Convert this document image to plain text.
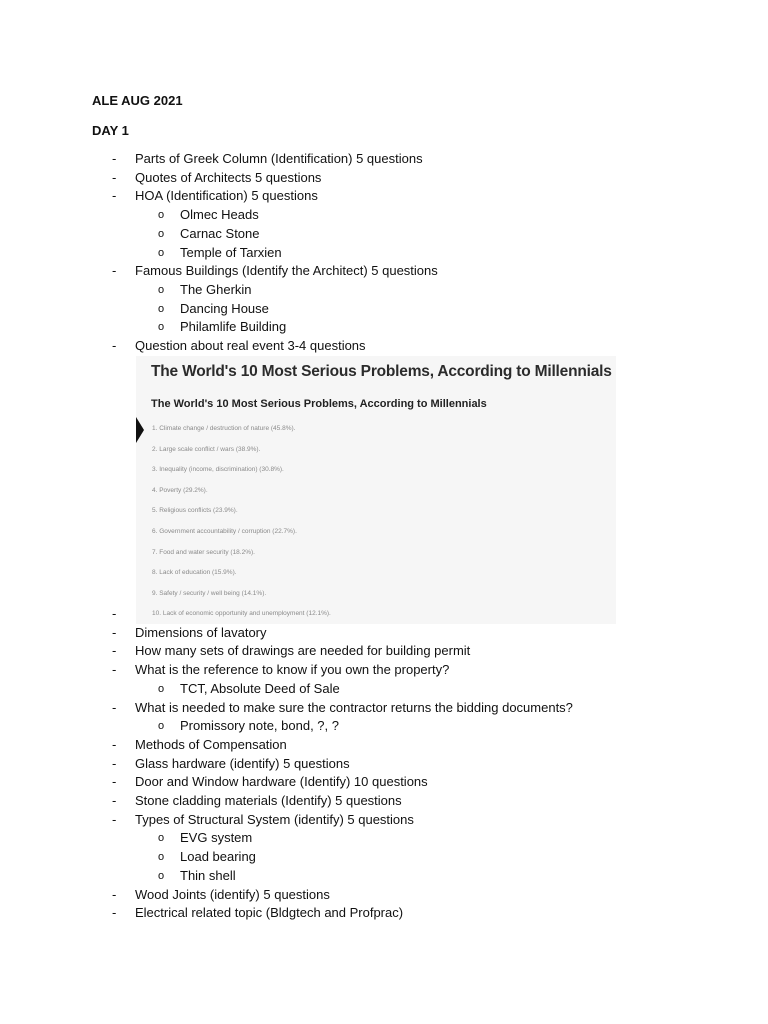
ALE AUG 2021
DAY 1
-	Parts of Greek Column (Identification) 5 questions
-	Quotes of Architects 5 questions
-	HOA (Identification) 5 questions
o Olmec Heads
o Carnac Stone
o Temple of Tarxien
-	Famous Buildings (Identify the Architect) 5 questions
o The Gherkin
o Dancing House
o Philamlife Building
-	Question about real event 3-4 questions
The World's 10 Most Serious Problems, According to Millennials
The World's 10 Most Serious Problems, According to Millennials
1. Climate change / destruction of nature (45.8%).
2. Large scale conflict / wars (38.9%).
3. Inequality (income, discrimination) (30.8%).
4. Poverty (29.2%).
5. Religious conflicts (23.9%).
6. Government accountability / corruption (22.7%).
7. Food and water security (18.2%).
8. Lack of education (15.9%).
9. Safety / security / well being (14.1%).
10. Lack of economic opportunity and unemployment (12.1%).
-
-	Dimensions of lavatory
-	How many sets of drawings are needed for building permit
-	What is the reference to know if you own the property?
o TCT, Absolute Deed of Sale
-	What is needed to make sure the contractor returns the bidding documents?
o Promissory note, bond, ?, ?
-	Methods of Compensation
-	Glass hardware (identify) 5 questions
-	Door and Window hardware (Identify) 10 questions
-	Stone cladding materials (Identify) 5 questions
-	Types of Structural System (identify) 5 questions
o EVG system
o Load bearing
o Thin shell
-	Wood Joints (identify) 5 questions
-	Electrical related topic (Bldgtech and Profprac)
